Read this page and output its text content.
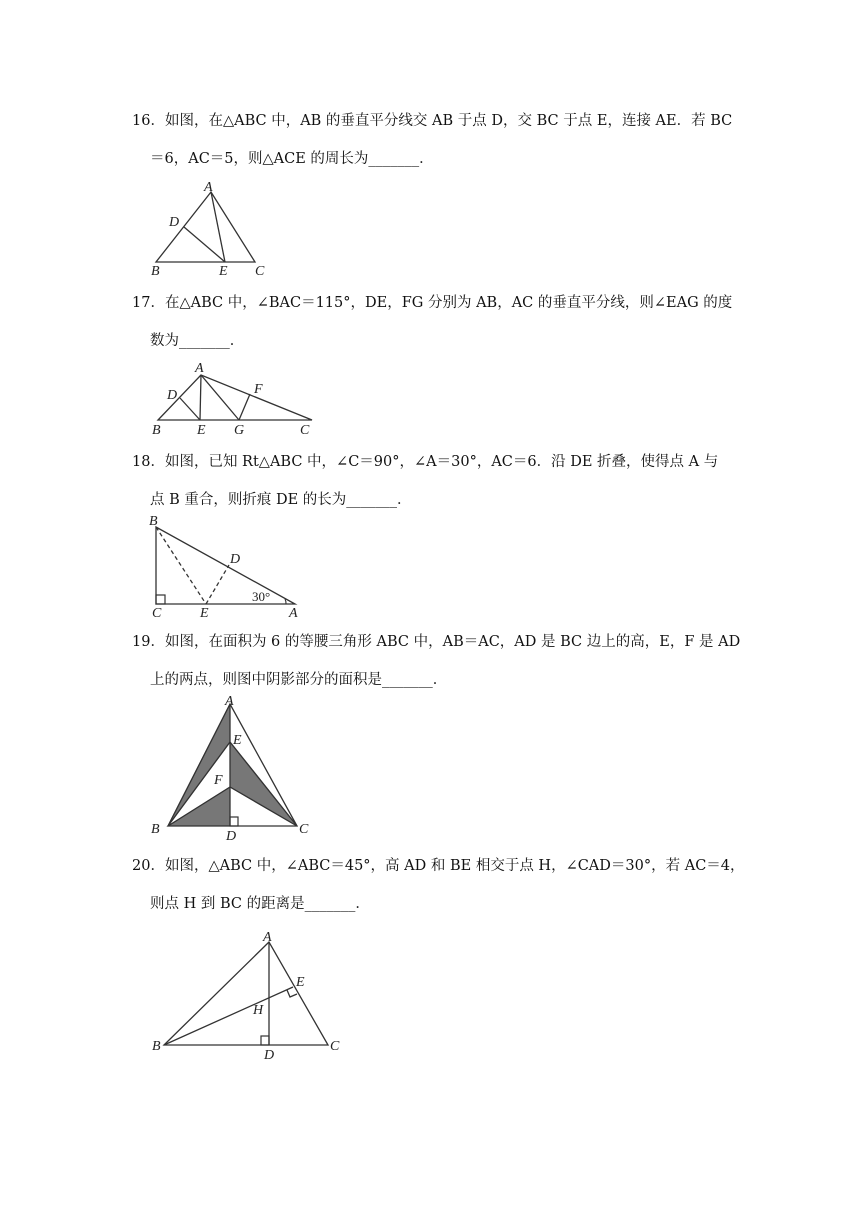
16．如图，在△ABC 中，AB 的垂直平分线交 AB 于点 D，交 BC 于点 E，连接 AE．若 BC
＝6，AC＝5，则△ACE 的周长为_______．
A
D
B	E C
17．在△ABC 中，∠BAC＝115°，DE，FG 分别为 AB，AC 的垂直平分线，则∠EAG 的度
数为_______．
A
D	F
B	E G	C
18．如图，已知 Rt△ABC 中，∠C＝90°，∠A＝30°，AC＝6．沿 DE 折叠，使得点 A 与
点 B 重合，则折痕 DE 的长为_______．
B
D
C	E	A
30°
19．如图，在面积为 6 的等腰三角形 ABC 中，AB＝AC，AD 是 BC 边上的高，E，F 是 AD
上的两点，则图中阴影部分的面积是_______．
A
E
F
B	D	C
20．如图，△ABC 中，∠ABC＝45°，高 AD 和 BE 相交于点 H，∠CAD＝30°，若 AC＝4，
则点 H 到 BC 的距离是_______．
A
E
H
B
D
C
